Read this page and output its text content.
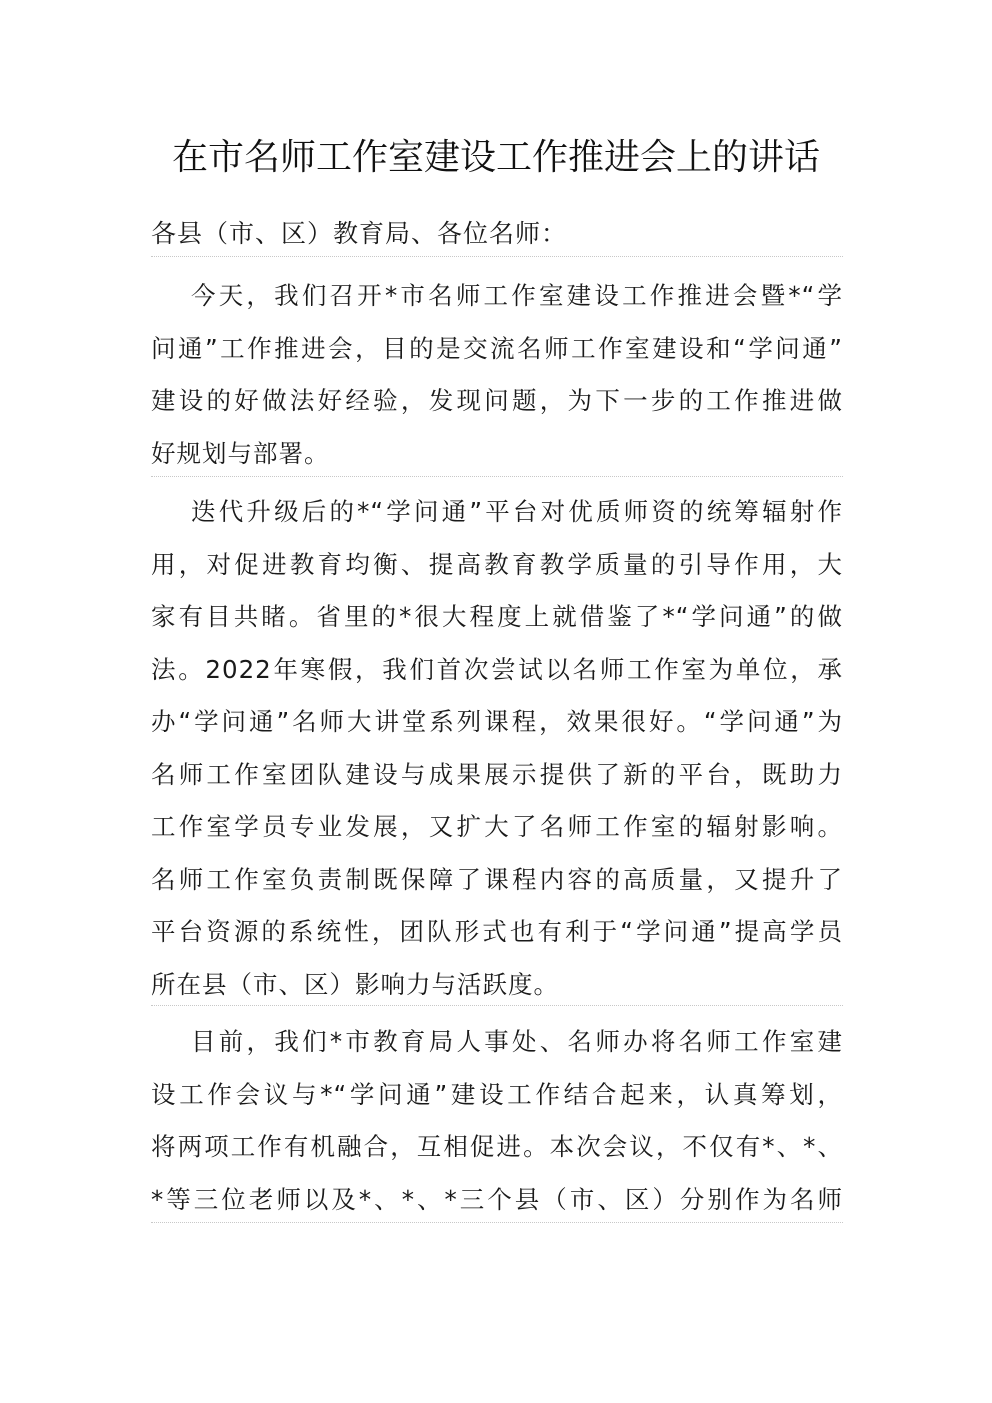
在市名师工作室建设工作推进会上的讲话
各县（市、区）教育局、各位名师：
今天，我们召开*市名师工作室建设工作推进会暨*“学
问通”工作推进会，目的是交流名师工作室建设和“学问通”
建设的好做法好经验，发现问题，为下一步的工作推进做
好规划与部署。
迭代升级后的*“学问通”平台对优质师资的统筹辐射作
用，对促进教育均衡、提高教育教学质量的引导作用，大
家有目共睹。省里的*很大程度上就借鉴了*“学问通”的做
法。2022年寒假，我们首次尝试以名师工作室为单位，承
办“学问通”名师大讲堂系列课程，效果很好。“学问通”为
名师工作室团队建设与成果展示提供了新的平台，既助力
工作室学员专业发展，又扩大了名师工作室的辐射影响。
名师工作室负责制既保障了课程内容的高质量，又提升了
平台资源的系统性，团队形式也有利于“学问通”提高学员
所在县（市、区）影响力与活跃度。
目前，我们*市教育局人事处、名师办将名师工作室建
设工作会议与*“学问通”建设工作结合起来，认真筹划，
将两项工作有机融合，互相促进。本次会议，不仅有*、*、
*等三位老师以及*、*、*三个县（市、区）分别作为名师
